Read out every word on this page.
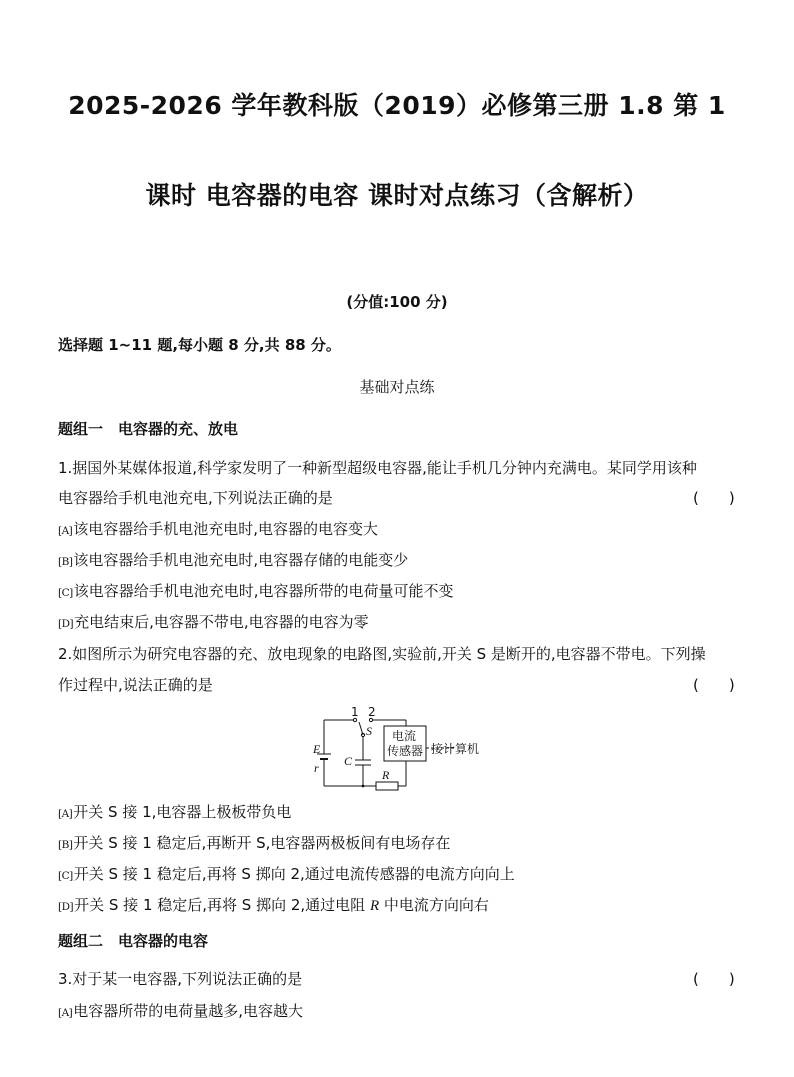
2025-2026 学年教科版（2019）必修第三册 1.8 第 1
课时 电容器的电容 课时对点练习（含解析）
(分值:100 分)
选择题 1~11 题,每小题 8 分,共 88 分。
基础对点练
题组一　电容器的充、放电
1.据国外某媒体报道,科学家发明了一种新型超级电容器,能让手机几分钟内充满电。某同学用该种
电容器给手机电池充电,下列说法正确的是	(　　)
[A]该电容器给手机电池充电时,电容器的电容变大
[B]该电容器给手机电池充电时,电容器存储的电能变少
[C]该电容器给手机电池充电时,电容器所带的电荷量可能不变
[D]充电结束后,电容器不带电,电容器的电容为零
2.如图所示为研究电容器的充、放电现象的电路图,实验前,开关 S 是断开的,电容器不带电。下列操
作过程中,说法正确的是	(　　)
1 2
S
E
r C
R
电流
传感器 接计算机
[A]开关 S 接 1,电容器上极板带负电
[B]开关 S 接 1 稳定后,再断开 S,电容器两极板间有电场存在
[C]开关 S 接 1 稳定后,再将 S 掷向 2,通过电流传感器的电流方向向上
[D]开关 S 接 1 稳定后,再将 S 掷向 2,通过电阻 R 中电流方向向右
题组二　电容器的电容
3.对于某一电容器,下列说法正确的是	(　　)
[A]电容器所带的电荷量越多,电容越大
